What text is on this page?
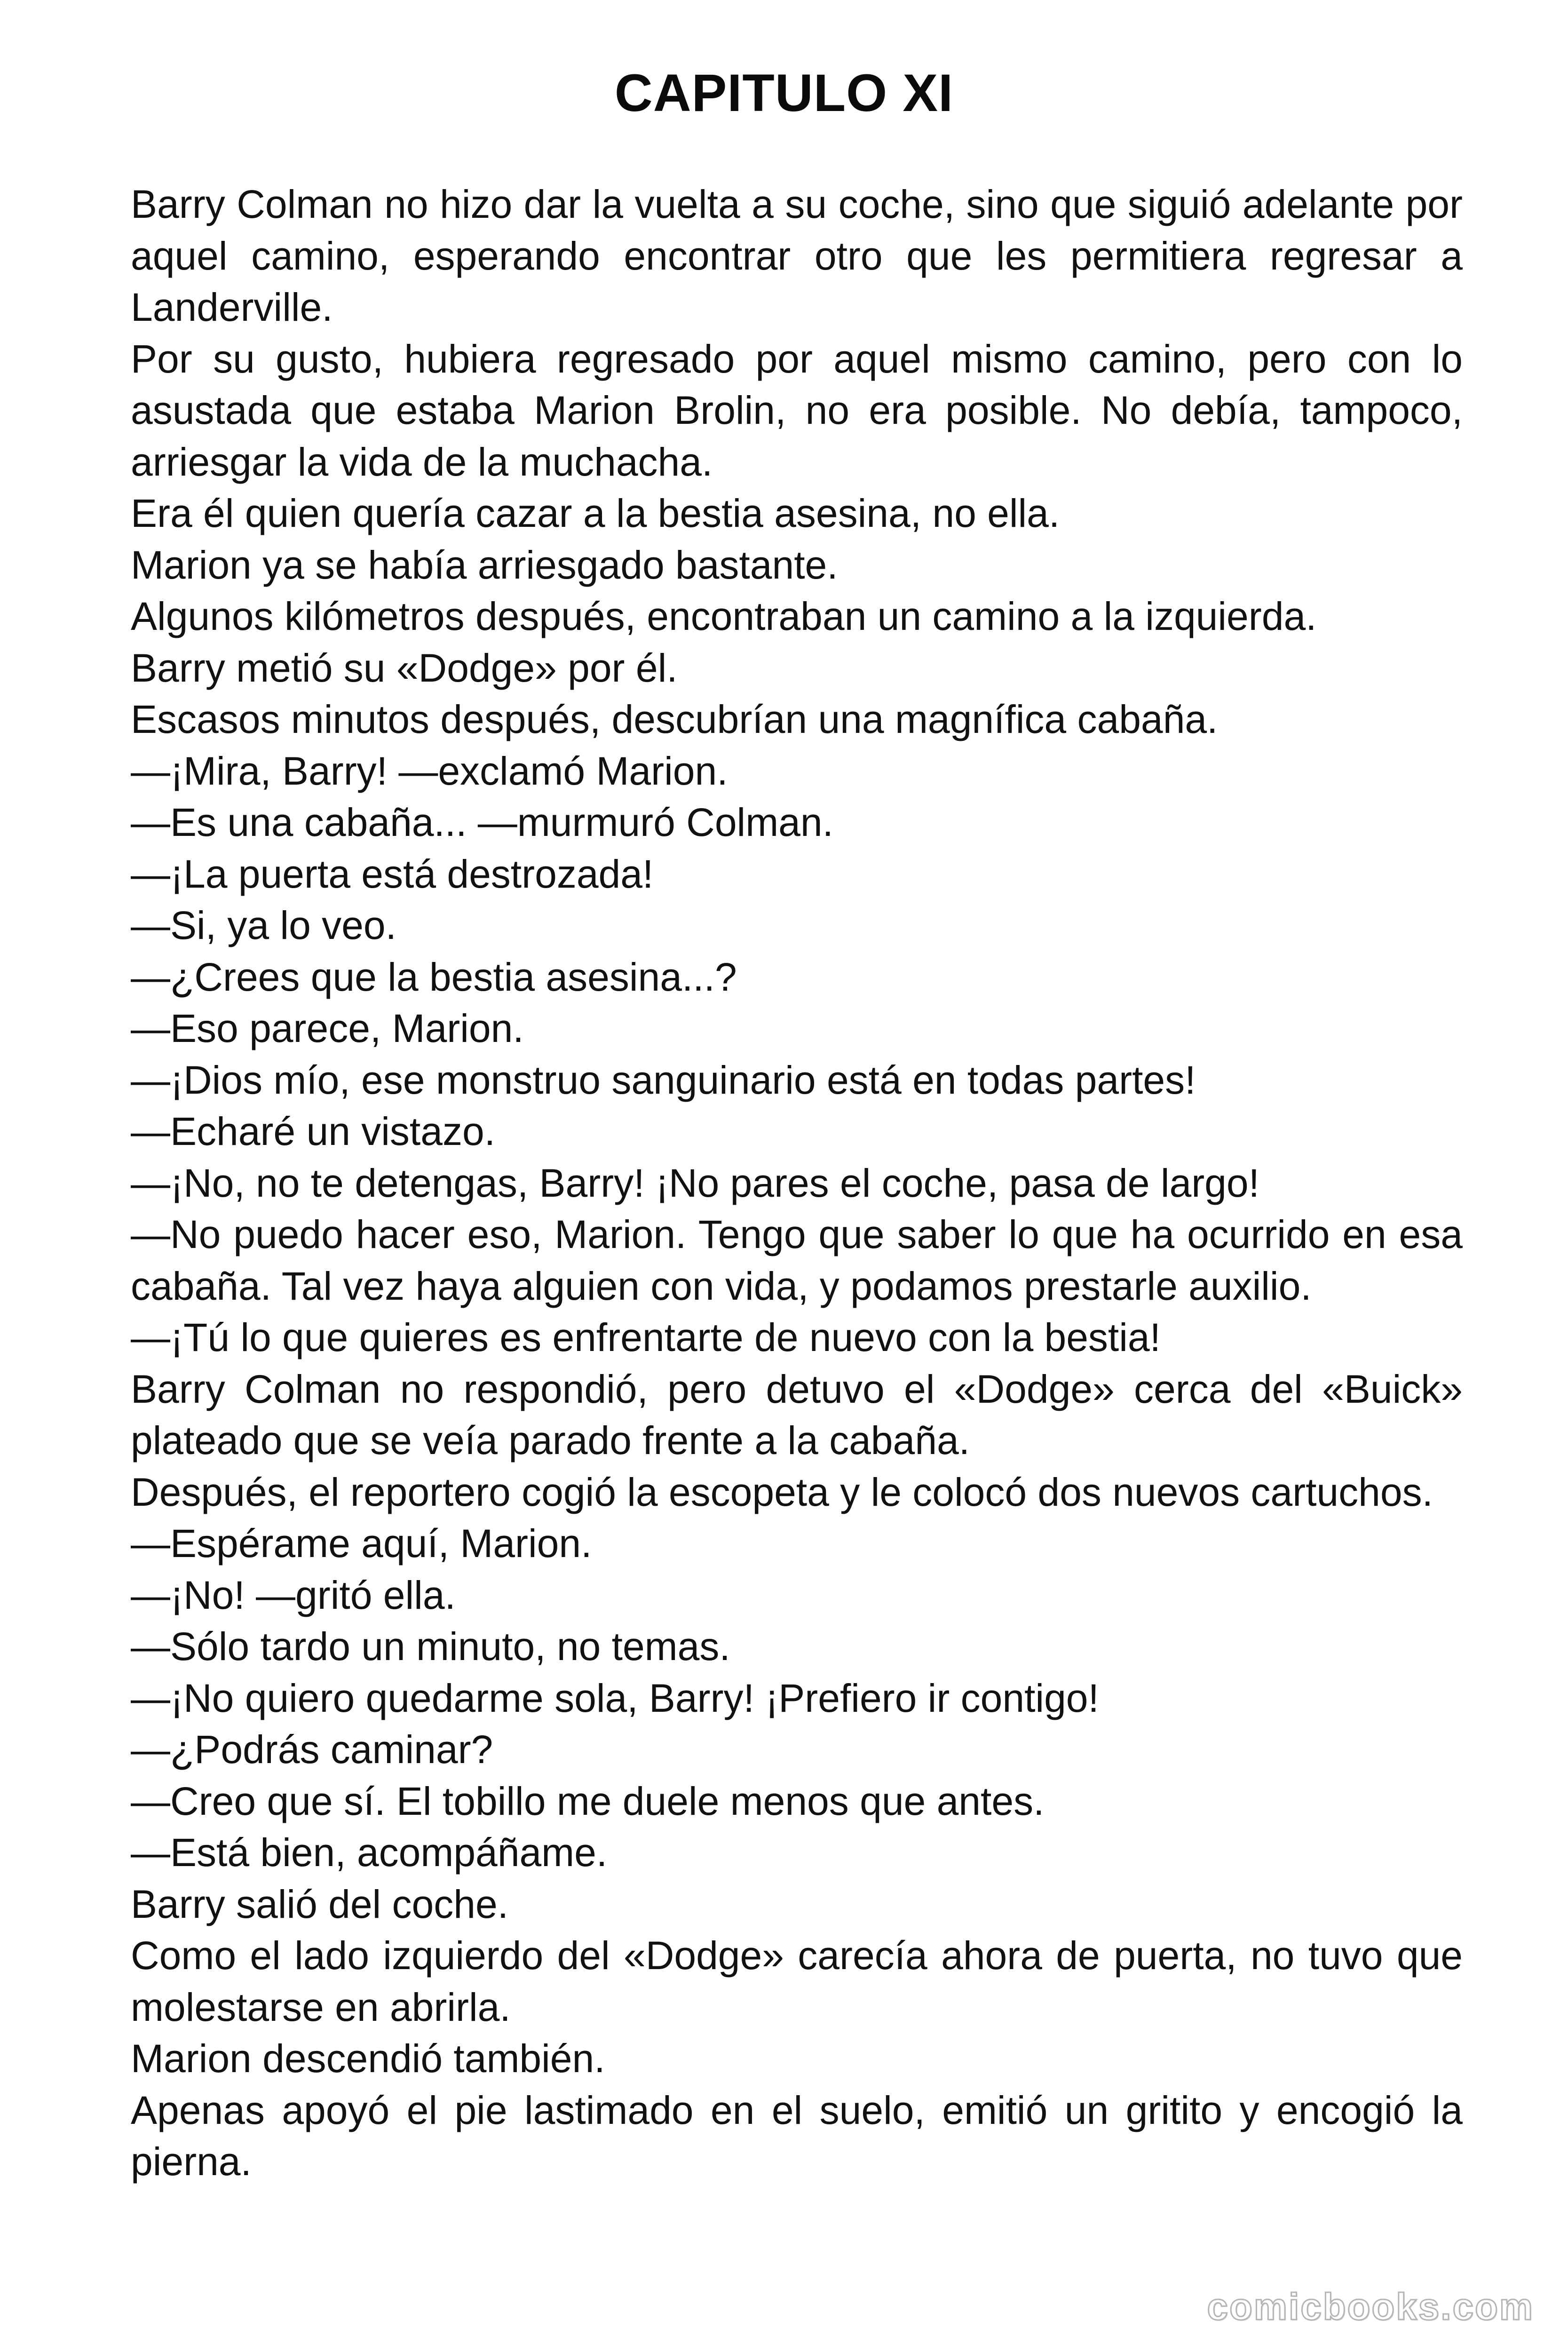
CAPITULO XI

Barry Colman no hizo dar la vuelta a su coche, sino que siguió adelante por aquel camino, esperando encontrar otro que les permitiera regresar a Landerville.

Por su gusto, hubiera regresado por aquel mismo camino, pero con lo asustada que estaba Marion Brolin, no era posible. No debía, tampoco, arriesgar la vida de la muchacha.

Era él quien quería cazar a la bestia asesina, no ella.

Marion ya se había arriesgado bastante.

Algunos kilómetros después, encontraban un camino a la izquierda.

Barry metió su «Dodge» por él.

Escasos minutos después, descubrían una magnífica cabaña.

—¡Mira, Barry! —exclamó Marion.

—Es una cabaña... —murmuró Colman.

—¡La puerta está destrozada!

—Si, ya lo veo.

—¿Crees que la bestia asesina...?

—Eso parece, Marion.

—¡Dios mío, ese monstruo sanguinario está en todas partes!

—Echaré un vistazo.

—¡No, no te detengas, Barry! ¡No pares el coche, pasa de largo!

—No puedo hacer eso, Marion. Tengo que saber lo que ha ocurrido en esa cabaña. Tal vez haya alguien con vida, y podamos prestarle auxilio.

—¡Tú lo que quieres es enfrentarte de nuevo con la bestia!

Barry Colman no respondió, pero detuvo el «Dodge» cerca del «Buick» plateado que se veía parado frente a la cabaña.

Después, el reportero cogió la escopeta y le colocó dos nuevos cartuchos.

—Espérame aquí, Marion.

—¡No! —gritó ella.

—Sólo tardo un minuto, no temas.

—¡No quiero quedarme sola, Barry! ¡Prefiero ir contigo!

—¿Podrás caminar?

—Creo que sí. El tobillo me duele menos que antes.

—Está bien, acompáñame.

Barry salió del coche.

Como el lado izquierdo del «Dodge» carecía ahora de puerta, no tuvo que molestarse en abrirla.

Marion descendió también.

Apenas apoyó el pie lastimado en el suelo, emitió un gritito y encogió la pierna.

comicbooks.com
